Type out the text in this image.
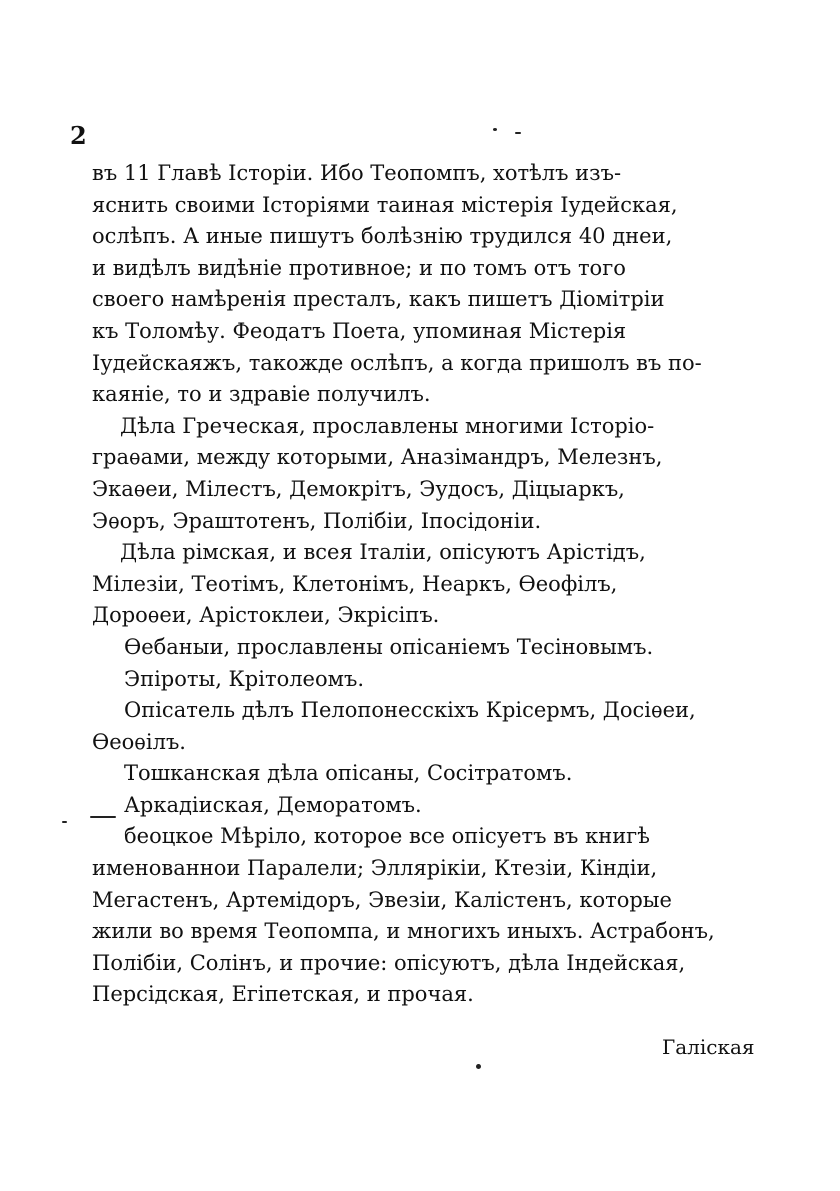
2
въ 11 Главѣ Історіи. Ибо Теопомпъ, хотѣлъ изъ-
яснить своими Історіями таиная містерія Іудейская,
ослѣпъ. А иные пишутъ болѣзнію трудился 40 днеи,
и видѣлъ видѣніе противное; и по томъ отъ того
своего намѣренія престалъ, какъ пишетъ Діомітріи
къ Толомѣу. Феодатъ Поета, упоминая Містерія
Іудейскаяжъ, такожде ослѣпъ, а когда пришолъ въ по-
каяніе, то и здравіе получилъ.
Дѣла Греческая, прославлены многими Історіо-
граѳами, между которыми, Аназімандръ, Мелезнъ,
Экаѳеи, Мілестъ, Демокрітъ, Эудосъ, Діцыаркъ,
Эѳоръ, Эраштотенъ, Полібіи, Іпосідоніи.
Дѣла рімская, и всея Італіи, опісуютъ Арістідъ,
Мілезіи, Теотімъ, Клетонімъ, Неаркъ, Ѳеофілъ,
Дороѳеи, Арістоклеи, Экрісіпъ.
Ѳебаныи, прославлены опісаніемъ Тесіновымъ.
Эпіроты, Крітолеомъ.
Опісатель дѣлъ Пелопонесскіхъ Крісермъ, Досіѳеи,
Ѳеоѳілъ.
Тошканская дѣла опісаны, Сосітратомъ.
Аркадіиская, Деморатомъ.
беоцкое Мѣріло, которое все опісуетъ въ книгѣ
именованнои Паралели; Эллярікіи, Ктезіи, Кіндіи,
Мегастенъ, Артемідоръ, Эвезіи, Калістенъ, которые
жили во время Теопомпа, и многихъ иныхъ. Астрабонъ,
Полібіи, Солінъ, и прочие: опісуютъ, дѣла Індейская,
Персідская, Егіпетская, и прочая.
Галіская
